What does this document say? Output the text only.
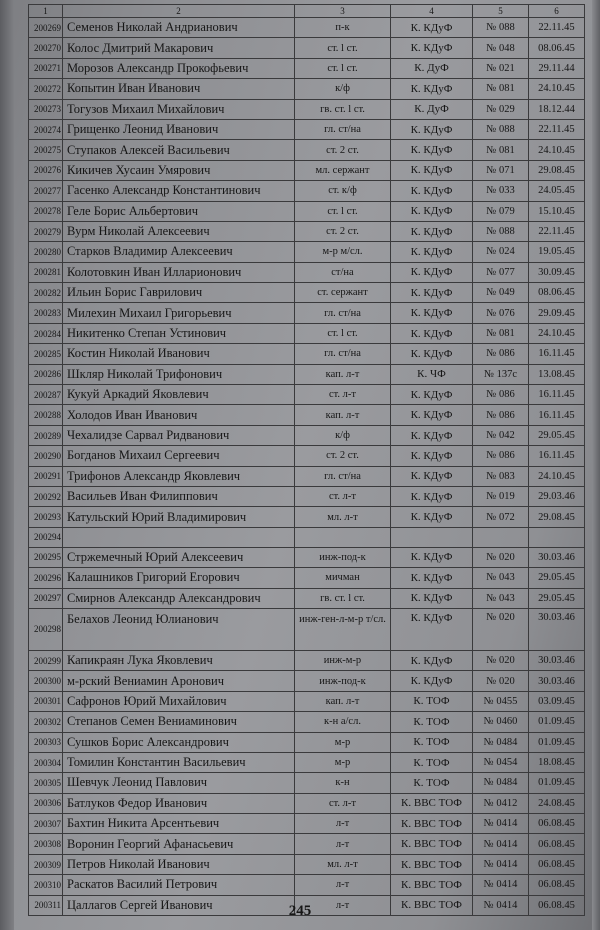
1	2	3	4	5	6
200269	Семенов Николай Андрианович	п-к	К. КДуФ	№ 088	22.11.45
200270	Колос Дмитрий Макарович	ст. l ст.	К. КДуФ	№ 048	08.06.45
200271	Морозов Александр Прокофьевич	ст. l ст.	К. ДуФ	№ 021	29.11.44
200272	Копытин Иван Иванович	к/ф	К. КДуФ	№ 081	24.10.45
200273	Тогузов Михаил Михайлович	гв. ст. l ст.	К. ДуФ	№ 029	18.12.44
200274	Грищенко Леонид Иванович	гл. ст/на	К. КДуФ	№ 088	22.11.45
200275	Ступаков Алексей Васильевич	ст. 2 ст.	К. КДуФ	№ 081	24.10.45
200276	Кикичев Хусаин Умярович	мл. сержант	К. КДуФ	№ 071	29.08.45
200277	Гасенко Александр Константинович	ст. к/ф	К. КДуФ	№ 033	24.05.45
200278	Геле Борис Альбертович	ст. l ст.	К. КДуФ	№ 079	15.10.45
200279	Вурм Николай Алексеевич	ст. 2 ст.	К. КДуФ	№ 088	22.11.45
200280	Старков Владимир Алексеевич	м-р м/сл.	К. КДуФ	№ 024	19.05.45
200281	Колотовкин Иван Илларионович	ст/на	К. КДуФ	№ 077	30.09.45
200282	Ильин Борис Гаврилович	ст. сержант	К. КДуФ	№ 049	08.06.45
200283	Милехин Михаил Григорьевич	гл. ст/на	К. КДуФ	№ 076	29.09.45
200284	Никитенко Степан Устинович	ст. l ст.	К. КДуФ	№ 081	24.10.45
200285	Костин Николай Иванович	гл. ст/на	К. КДуФ	№ 086	16.11.45
200286	Шкляр Николай Трифонович	кап. л-т	К. ЧФ	№ 137с	13.08.45
200287	Кукуй Аркадий Яковлевич	ст. л-т	К. КДуФ	№ 086	16.11.45
200288	Холодов Иван Иванович	кап. л-т	К. КДуФ	№ 086	16.11.45
200289	Чехалидзе Сарвал Ридванович	к/ф	К. КДуФ	№ 042	29.05.45
200290	Богданов Михаил Сергеевич	ст. 2 ст.	К. КДуФ	№ 086	16.11.45
200291	Трифонов Александр Яковлевич	гл. ст/на	К. КДуФ	№ 083	24.10.45
200292	Васильев Иван Филиппович	ст. л-т	К. КДуФ	№ 019	29.03.46
200293	Катульский Юрий Владимирович	мл. л-т	К. КДуФ	№ 072	29.08.45
200294					
200295	Стржемечный Юрий Алексеевич	инж-под-к	К. КДуФ	№ 020	30.03.46
200296	Калашников Григорий Егорович	мичман	К. КДуФ	№ 043	29.05.45
200297	Смирнов Александр Александрович	гв. ст. l ст.	К. КДуФ	№ 043	29.05.45
200298	Белахов Леонид Юлианович	инж-ген-л-м-р т/сл.	К. КДуФ	№ 020	30.03.46
200299	Капикраян Лука Яковлевич	инж-м-р	К. КДуФ	№ 020	30.03.46
200300	м-рский Вениамин Аронович	инж-под-к	К. КДуФ	№ 020	30.03.46
200301	Сафронов Юрий Михайлович	кап. л-т	К. ТОФ	№ 0455	03.09.45
200302	Степанов Семен Вениаминович	к-н а/сл.	К. ТОФ	№ 0460	01.09.45
200303	Сушков Борис Александрович	м-р	К. ТОФ	№ 0484	01.09.45
200304	Томилин Константин Васильевич	м-р	К. ТОФ	№ 0454	18.08.45
200305	Шевчук Леонид Павлович	к-н	К. ТОФ	№ 0484	01.09.45
200306	Батлуков Федор Иванович	ст. л-т	К. ВВС ТОФ	№ 0412	24.08.45
200307	Бахтин Никита Арсентьевич	л-т	К. ВВС ТОФ	№ 0414	06.08.45
200308	Воронин Георгий Афанасьевич	л-т	К. ВВС ТОФ	№ 0414	06.08.45
200309	Петров Николай Иванович	мл. л-т	К. ВВС ТОФ	№ 0414	06.08.45
200310	Раскатов Василий Петрович	л-т	К. ВВС ТОФ	№ 0414	06.08.45
200311	Цаллагов Сергей Иванович	л-т	К. ВВС ТОФ	№ 0414	06.08.45
245
